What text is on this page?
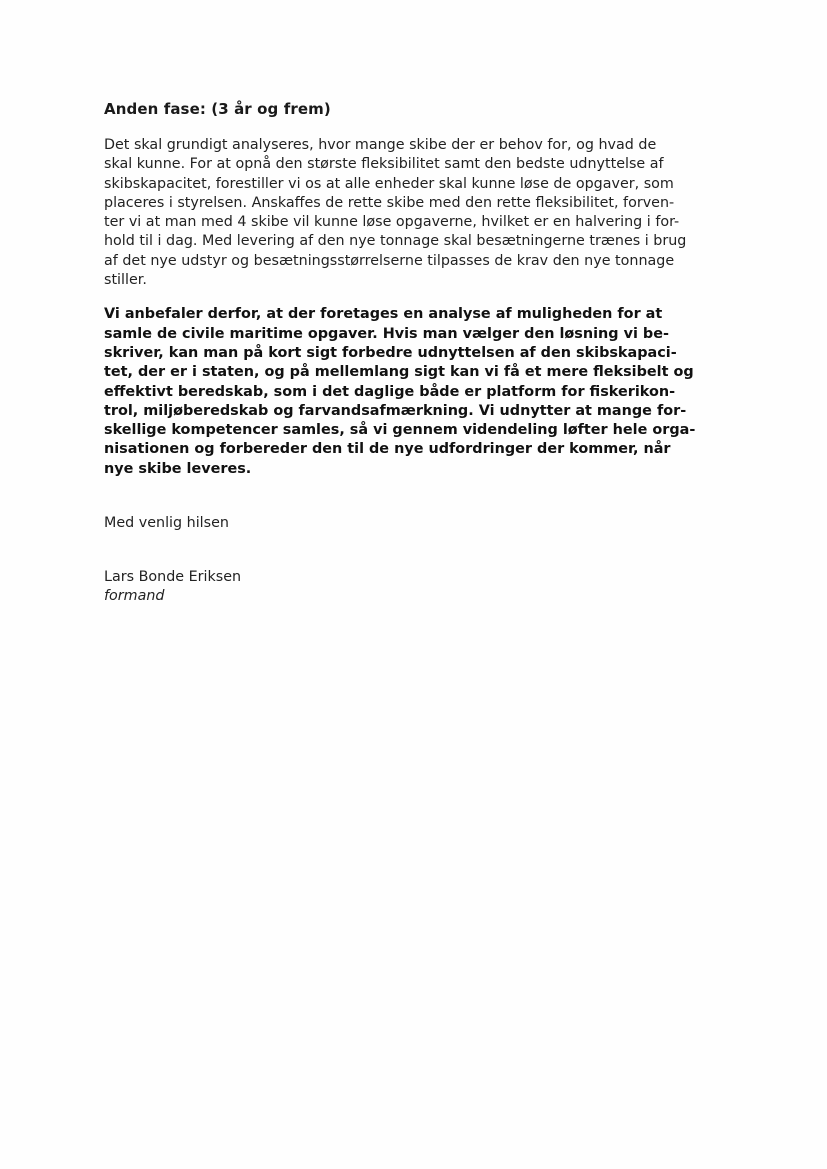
Anden fase: (3 år og frem)
Det skal grundigt analyseres, hvor mange skibe der er behov for, og hvad de
skal kunne. For at opnå den største fleksibilitet samt den bedste udnyttelse af
skibskapacitet, forestiller vi os at alle enheder skal kunne løse de opgaver, som
placeres i styrelsen. Anskaffes de rette skibe med den rette fleksibilitet, forven-
ter vi at man med 4 skibe vil kunne løse opgaverne, hvilket er en halvering i for-
hold til i dag. Med levering af den nye tonnage skal besætningerne trænes i brug
af det nye udstyr og besætningsstørrelserne tilpasses de krav den nye tonnage
stiller.
Vi anbefaler derfor, at der foretages en analyse af muligheden for at
samle de civile maritime opgaver. Hvis man vælger den løsning vi be-
skriver, kan man på kort sigt forbedre udnyttelsen af den skibskapaci-
tet, der er i staten, og på mellemlang sigt kan vi få et mere fleksibelt og
effektivt beredskab, som i det daglige både er platform for fiskerikon-
trol, miljøberedskab og farvandsafmærkning. Vi udnytter at mange for-
skellige kompetencer samles, så vi gennem videndeling løfter hele orga-
nisationen og forbereder den til de nye udfordringer der kommer, når
nye skibe leveres.
Med venlig hilsen
Lars Bonde Eriksen
formand
